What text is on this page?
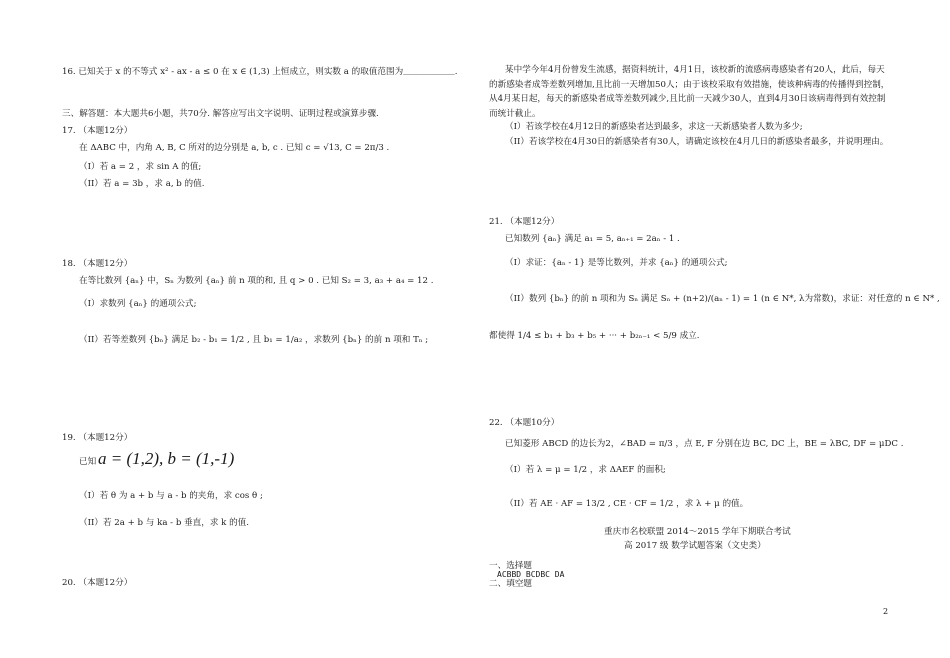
16. 已知关于 x 的不等式 x² - ax - a ≤ 0 在 x ∈ (1,3) 上恒成立，则实数 a 的取值范围为＿＿＿＿＿＿.
三、解答题：本大题共6小题，共70分. 解答应写出文字说明、证明过程或演算步骤.
17. （本题12分）
在 ΔABC 中，内角 A, B, C 所对的边分别是 a, b, c . 已知 c = √13, C = 2π/3 .
（I）若 a = 2 ，求 sin A 的值;
（II）若 a = 3b ，求 a, b 的值.
18. （本题12分）
在等比数列 {aₙ} 中，Sₙ 为数列 {aₙ} 前 n 项的和, 且 q > 0 . 已知 S₂ = 3, a₃ + a₄ = 12 .
（I）求数列 {aₙ} 的通项公式;
（II）若等差数列 {bₙ} 满足 b₂ - b₁ = 1/2 , 且 b₁ = 1/a₂ ，求数列 {bₙ} 的前 n 项和 Tₙ ;
19. （本题12分）
已知 a = (1,2), b = (1,-1)
（I）若 θ 为 a + b 与 a - b 的夹角，求 cos θ ;
（II）若 2a + b 与 ka - b 垂直，求 k 的值.
20. （本题12分）
某中学今年4月份曾发生流感，据资料统计，4月1日，该校新的流感病毒感染者有20人，此后，每天的新感染者成等差数列增加,且比前一天增加50人；由于该校采取有效措施，使该种病毒的传播得到控制，从4月某日起，每天的新感染者成等差数列减少,且比前一天减少30人，直到4月30日该病毒得到有效控制而统计截止。
（I）若该学校在4月12日的新感染者达到最多，求这一天新感染者人数为多少;
（II）若该学校在4月30日的新感染者有30人，请确定该校在4月几日的新感染者最多，并说明理由。
21. （本题12分）
已知数列 {aₙ} 满足 a₁ = 5, aₙ₊₁ = 2aₙ - 1 .
（I）求证：{aₙ - 1} 是等比数列，并求 {aₙ} 的通项公式;
（II）数列 {bₙ} 的前 n 项和为 Sₙ 满足 Sₙ + (n+2)/(aₙ - 1) = 1 (n ∈ N*, λ为常数)，求证：对任意的 n ∈ N* ,
都使得 1/4 ≤ b₁ + b₃ + b₅ + ··· + b₂ₙ₋₁ < 5/9 成立.
22. （本题10分）
已知菱形 ABCD 的边长为2，∠BAD = π/3 ，点 E, F 分别在边 BC, DC 上，BE = λBC, DF = μDC .
（I）若 λ = μ = 1/2 ，求 ΔAEF 的面积;
（II）若 AE · AF = 13/2 , CE · CF = 1/2 ，求 λ + μ 的值。
重庆市名校联盟 2014～2015 学年下期联合考试
高 2017 级 数学试题答案（文史类）
一、选择题
ACBBD BCDBC DA
二、填空题
2
